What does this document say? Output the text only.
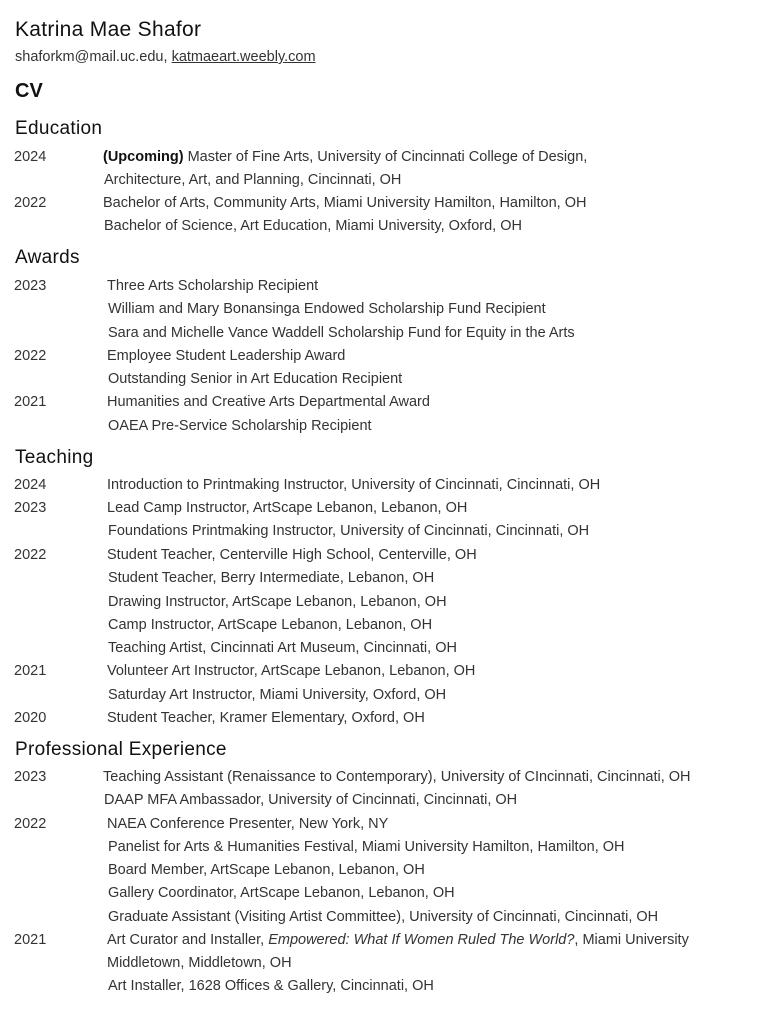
Katrina Mae Shafor
shaforkm@mail.uc.edu, katmaeart.weebly.com
CV
Education
2024	(Upcoming) Master of Fine Arts, University of Cincinnati College of Design,
Architecture, Art, and Planning, Cincinnati, OH
2022	Bachelor of Arts, Community Arts, Miami University Hamilton, Hamilton, OH
Bachelor of Science, Art Education, Miami University, Oxford, OH
Awards
2023	Three Arts Scholarship Recipient
William and Mary Bonansinga Endowed Scholarship Fund Recipient
Sara and Michelle Vance Waddell Scholarship Fund for Equity in the Arts
2022	Employee Student Leadership Award
Outstanding Senior in Art Education Recipient
2021	Humanities and Creative Arts Departmental Award
OAEA Pre-Service Scholarship Recipient
Teaching
2024	Introduction to Printmaking Instructor, University of Cincinnati, Cincinnati, OH
2023	Lead Camp Instructor, ArtScape Lebanon, Lebanon, OH
Foundations Printmaking Instructor, University of Cincinnati, Cincinnati, OH
2022	Student Teacher, Centerville High School, Centerville, OH
Student Teacher, Berry Intermediate, Lebanon, OH
Drawing Instructor, ArtScape Lebanon, Lebanon, OH
Camp Instructor, ArtScape Lebanon, Lebanon, OH
Teaching Artist, Cincinnati Art Museum, Cincinnati, OH
2021	Volunteer Art Instructor, ArtScape Lebanon, Lebanon, OH
Saturday Art Instructor, Miami University, Oxford, OH
2020	Student Teacher, Kramer Elementary, Oxford, OH
Professional Experience
2023	Teaching Assistant (Renaissance to Contemporary), University of CIncinnati, Cincinnati, OH
DAAP MFA Ambassador, University of Cincinnati, Cincinnati, OH
2022	NAEA Conference Presenter, New York, NY
Panelist for Arts & Humanities Festival, Miami University Hamilton, Hamilton, OH
Board Member, ArtScape Lebanon, Lebanon, OH
Gallery Coordinator, ArtScape Lebanon, Lebanon, OH
Graduate Assistant (Visiting Artist Committee), University of Cincinnati, Cincinnati, OH
2021	Art Curator and Installer, Empowered: What If Women Ruled The World?, Miami University
Middletown, Middletown, OH
Art Installer, 1628 Offices & Gallery, Cincinnati, OH
